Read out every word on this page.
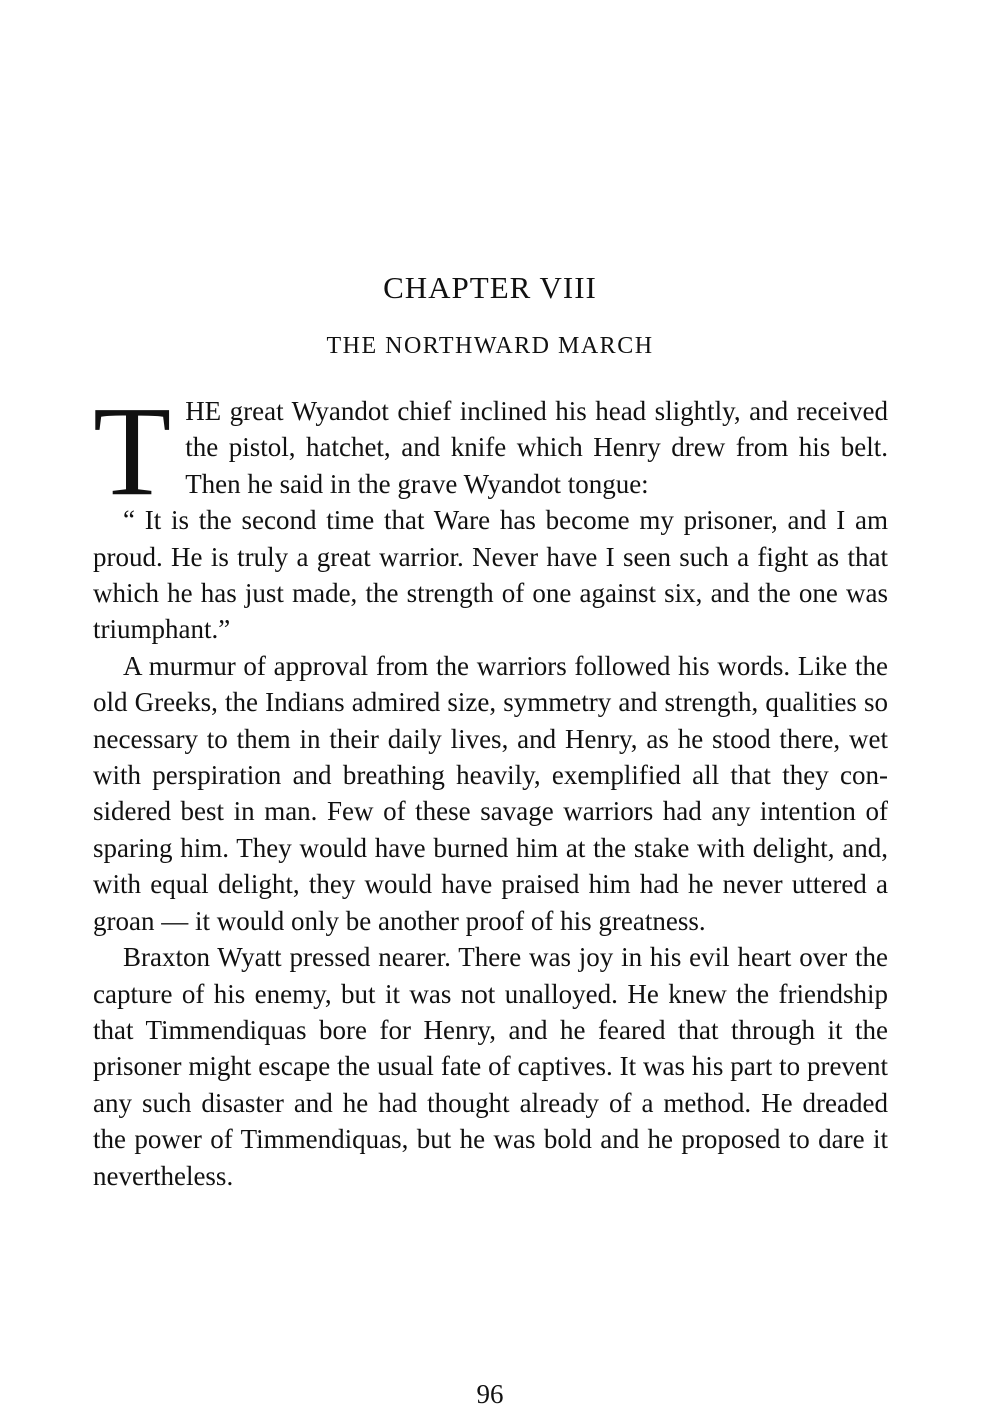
CHAPTER VIII
THE NORTHWARD MARCH

THE great Wyandot chief inclined his head slightly, and received the pistol, hatchet, and knife which Henry drew from his belt. Then he said in the grave Wyandot tongue:

“ It is the second time that Ware has become my prisoner, and I am proud. He is truly a great warrior. Never have I seen such a fight as that which he has just made, the strength of one against six, and the one was triumphant.”

A murmur of approval from the warriors followed his words. Like the old Greeks, the Indians admired size, symmetry and strength, qualities so necessary to them in their daily lives, and Henry, as he stood there, wet with perspiration and breathing heavily, exemplified all that they considered best in man. Few of these savage warriors had any intention of sparing him. They would have burned him at the stake with delight, and, with equal delight, they would have praised him had he never uttered a groan — it would only be another proof of his greatness.

Braxton Wyatt pressed nearer. There was joy in his evil heart over the capture of his enemy, but it was not unalloyed. He knew the friendship that Timmendiquas bore for Henry, and he feared that through it the prisoner might escape the usual fate of captives. It was his part to prevent any such disaster and he had thought already of a method. He dreaded the power of Timmendiquas, but he was bold and he proposed to dare it nevertheless.

96
